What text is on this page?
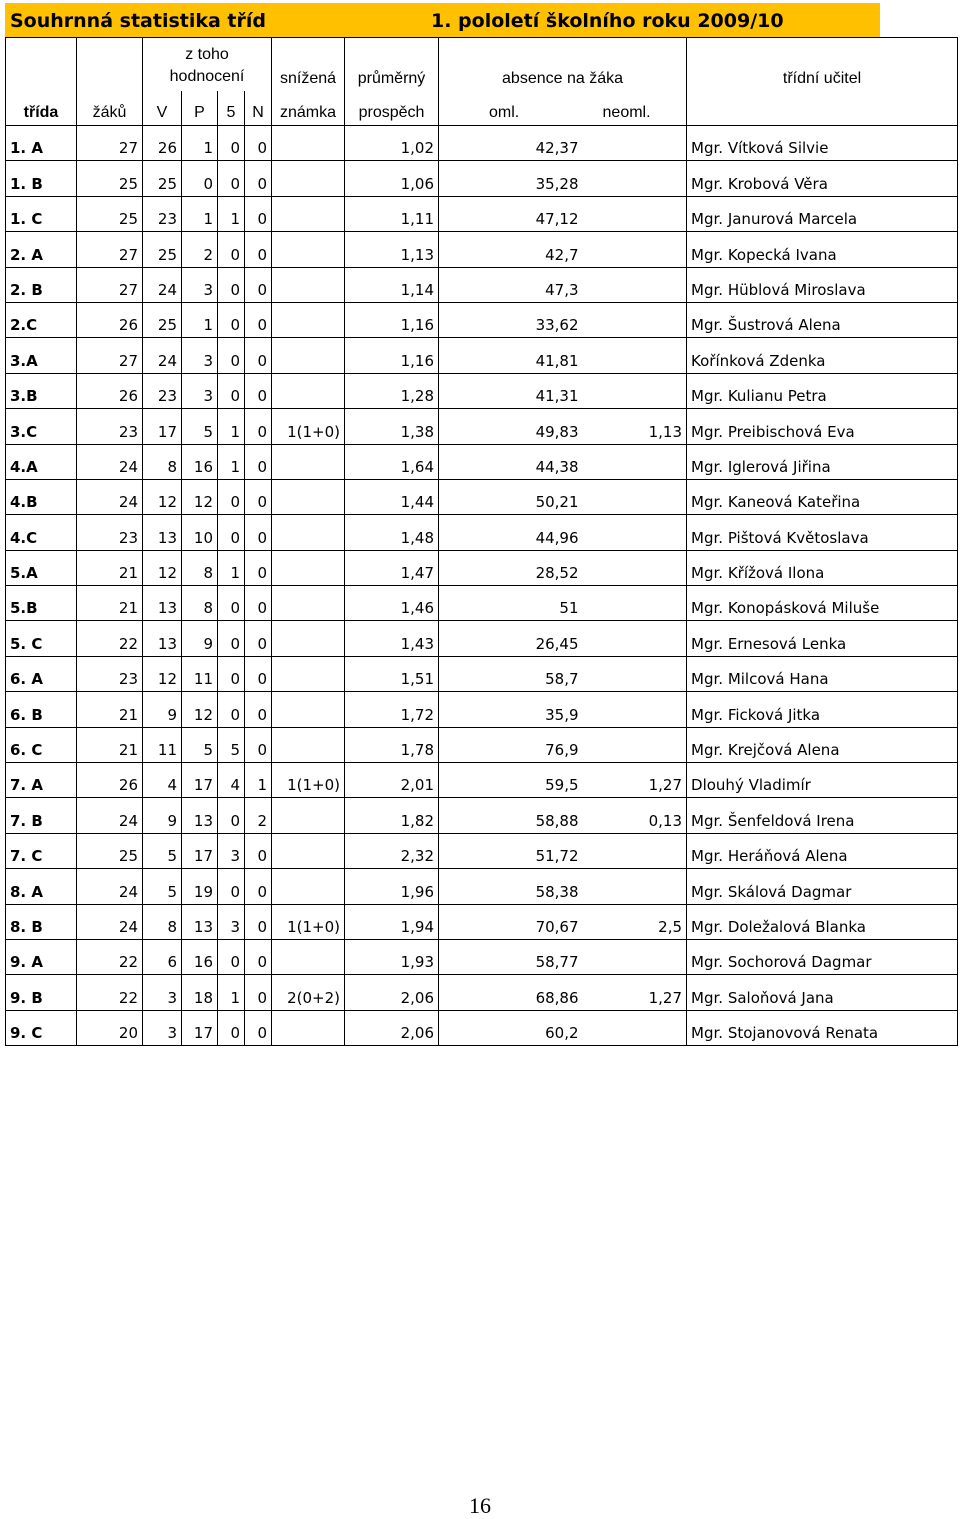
Souhrnná statistika tříd	1. pololetí školního roku 2009/10
		z toho hodnocení				snížená	průměrný	absence na žáka		třídní učitel
třída	žáků	V	P	5	N	známka	prospěch	oml.	neoml.	
1. A	27	26	1	0	0		1,02	42,37		Mgr. Vítková Silvie
1. B	25	25	0	0	0		1,06	35,28		Mgr. Krobová Věra
1. C	25	23	1	1	0		1,11	47,12		Mgr. Janurová Marcela
2. A	27	25	2	0	0		1,13	42,7		Mgr. Kopecká Ivana
2. B	27	24	3	0	0		1,14	47,3		Mgr. Hüblová Miroslava
2.C	26	25	1	0	0		1,16	33,62		Mgr. Šustrová Alena
3.A	27	24	3	0	0		1,16	41,81		Kořínková Zdenka
3.B	26	23	3	0	0		1,28	41,31		Mgr. Kulianu Petra
3.C	23	17	5	1	0	1(1+0)	1,38	49,83	1,13	Mgr. Preibischová Eva
4.A	24	8	16	1	0		1,64	44,38		Mgr. Iglerová Jiřina
4.B	24	12	12	0	0		1,44	50,21		Mgr. Kaneová Kateřina
4.C	23	13	10	0	0		1,48	44,96		Mgr. Pištová Květoslava
5.A	21	12	8	1	0		1,47	28,52		Mgr. Křížová Ilona
5.B	21	13	8	0	0		1,46	51		Mgr. Konopásková Miluše
5. C	22	13	9	0	0		1,43	26,45		Mgr. Ernesová Lenka
6. A	23	12	11	0	0		1,51	58,7		Mgr. Milcová Hana
6. B	21	9	12	0	0		1,72	35,9		Mgr. Ficková Jitka
6. C	21	11	5	5	0		1,78	76,9		Mgr. Krejčová Alena
7. A	26	4	17	4	1	1(1+0)	2,01	59,5	1,27	Dlouhý Vladimír
7. B	24	9	13	0	2		1,82	58,88	0,13	Mgr. Šenfeldová Irena
7. C	25	5	17	3	0		2,32	51,72		Mgr. Heráňová Alena
8. A	24	5	19	0	0		1,96	58,38		Mgr. Skálová Dagmar
8. B	24	8	13	3	0	1(1+0)	1,94	70,67	2,5	Mgr. Doležalová Blanka
9. A	22	6	16	0	0		1,93	58,77		Mgr. Sochorová Dagmar
9. B	22	3	18	1	0	2(0+2)	2,06	68,86	1,27	Mgr. Saloňová Jana
9. C	20	3	17	0	0		2,06	60,2		Mgr. Stojanovová Renata
16
